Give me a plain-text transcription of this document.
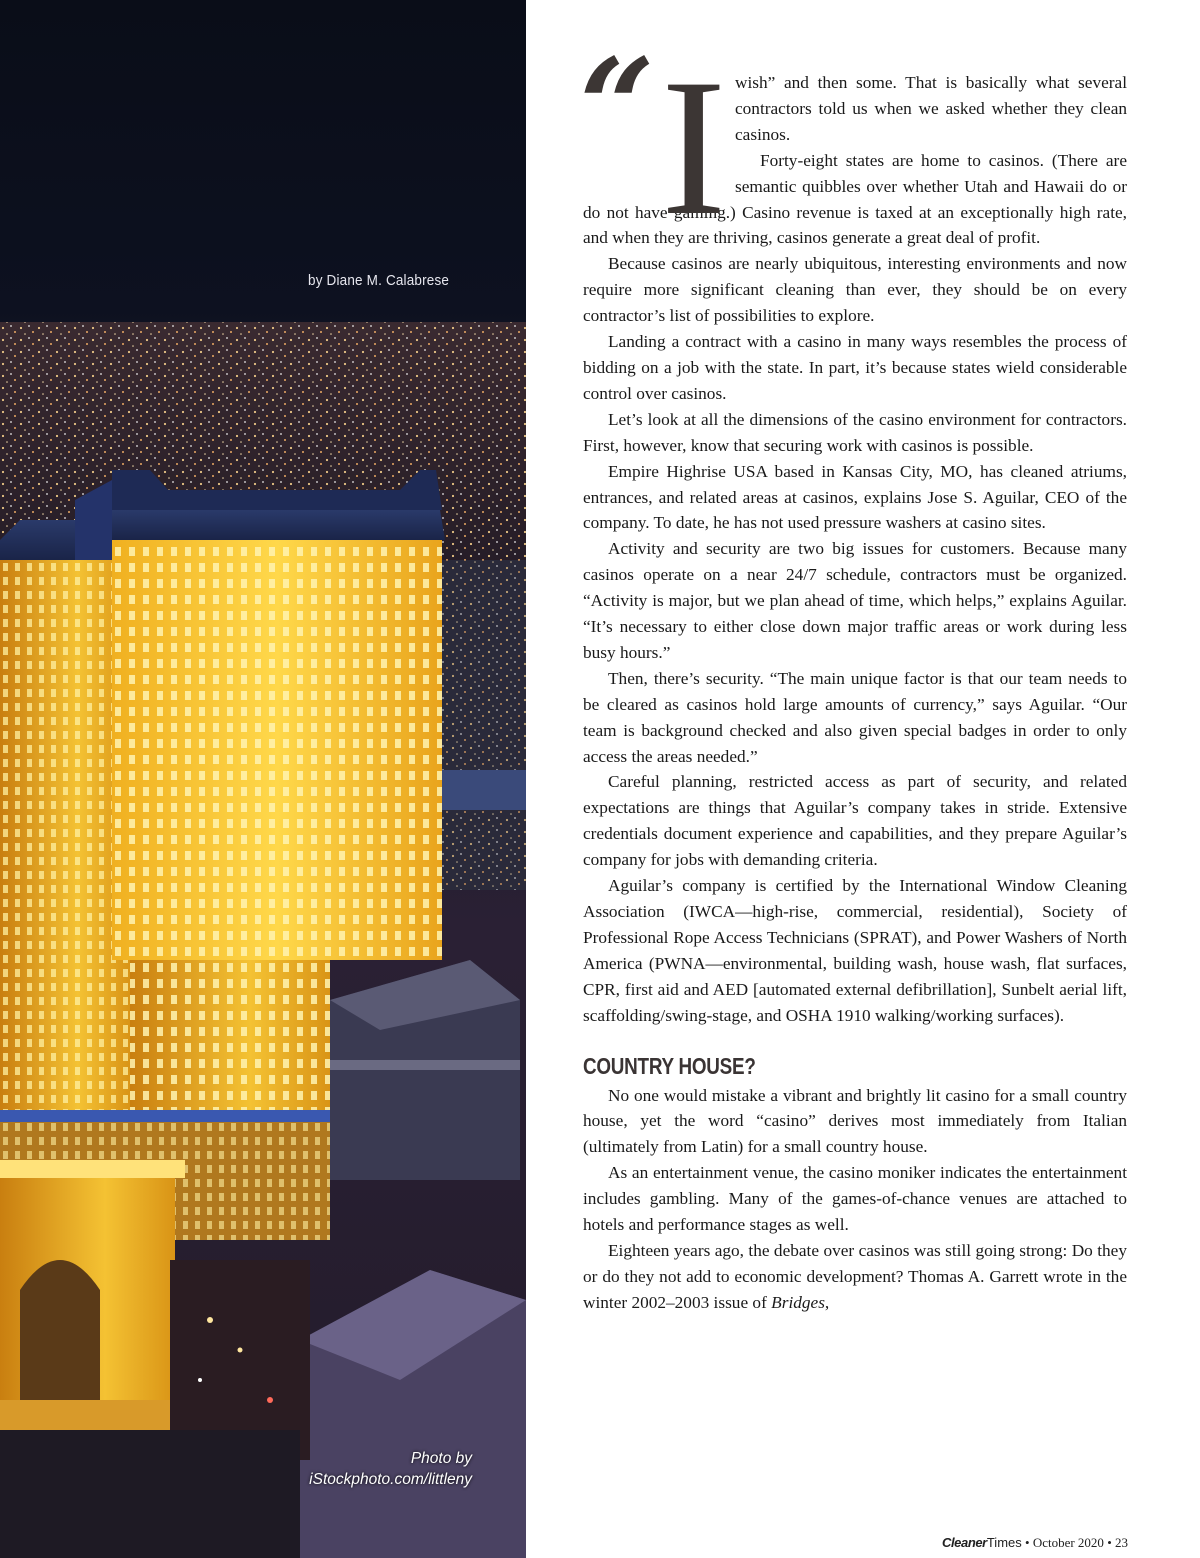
by Diane M. Calabrese
Photo by
iStockphoto.com/littleny

“ I wish” and then some. That is basically what several contractors told us when we asked whether they clean casinos.

Forty-eight states are home to casinos. (There are semantic quibbles over whether Utah and Hawaii do or do not have gaming.) Casino revenue is taxed at an exceptionally high rate, and when they are thriving, casinos generate a great deal of profit.

Because casinos are nearly ubiquitous, interesting environments and now require more significant cleaning than ever, they should be on every contractor’s list of possibilities to explore.

Landing a contract with a casino in many ways resembles the process of bidding on a job with the state. In part, it’s because states wield considerable control over casinos.

Let’s look at all the dimensions of the casino environment for contractors. First, however, know that securing work with casinos is possible.

Empire Highrise USA based in Kansas City, MO, has cleaned atriums, entrances, and related areas at casinos, explains Jose S. Aguilar, CEO of the company. To date, he has not used pressure washers at casino sites.

Activity and security are two big issues for customers. Because many casinos operate on a near 24/7 schedule, contractors must be organized. “Activity is major, but we plan ahead of time, which helps,” explains Aguilar. “It’s necessary to either close down major traffic areas or work during less busy hours.”

Then, there’s security. “The main unique factor is that our team needs to be cleared as casinos hold large amounts of currency,” says Aguilar. “Our team is background checked and also given special badges in order to only access the areas needed.”

Careful planning, restricted access as part of security, and related expectations are things that Aguilar’s company takes in stride. Extensive credentials document experience and capabilities, and they prepare Aguilar’s company for jobs with demanding criteria.

Aguilar’s company is certified by the International Window Cleaning Association (IWCA—high-rise, commercial, residential), Society of Professional Rope Access Technicians (SPRAT), and Power Washers of North America (PWNA—environmental, building wash, house wash, flat surfaces, CPR, first aid and AED [automated external defibrillation], Sunbelt aerial lift, scaffolding/swing-stage, and OSHA 1910 walking/working surfaces).

COUNTRY HOUSE?

No one would mistake a vibrant and brightly lit casino for a small country house, yet the word “casino” derives most immediately from Italian (ultimately from Latin) for a small country house.

As an entertainment venue, the casino moniker indicates the entertainment includes gambling. Many of the games-of-chance venues are attached to hotels and performance stages as well.

Eighteen years ago, the debate over casinos was still going strong: Do they or do they not add to economic development? Thomas A. Garrett wrote in the winter 2002–2003 issue of Bridges,

CleanerTimes • October 2020 • 23
